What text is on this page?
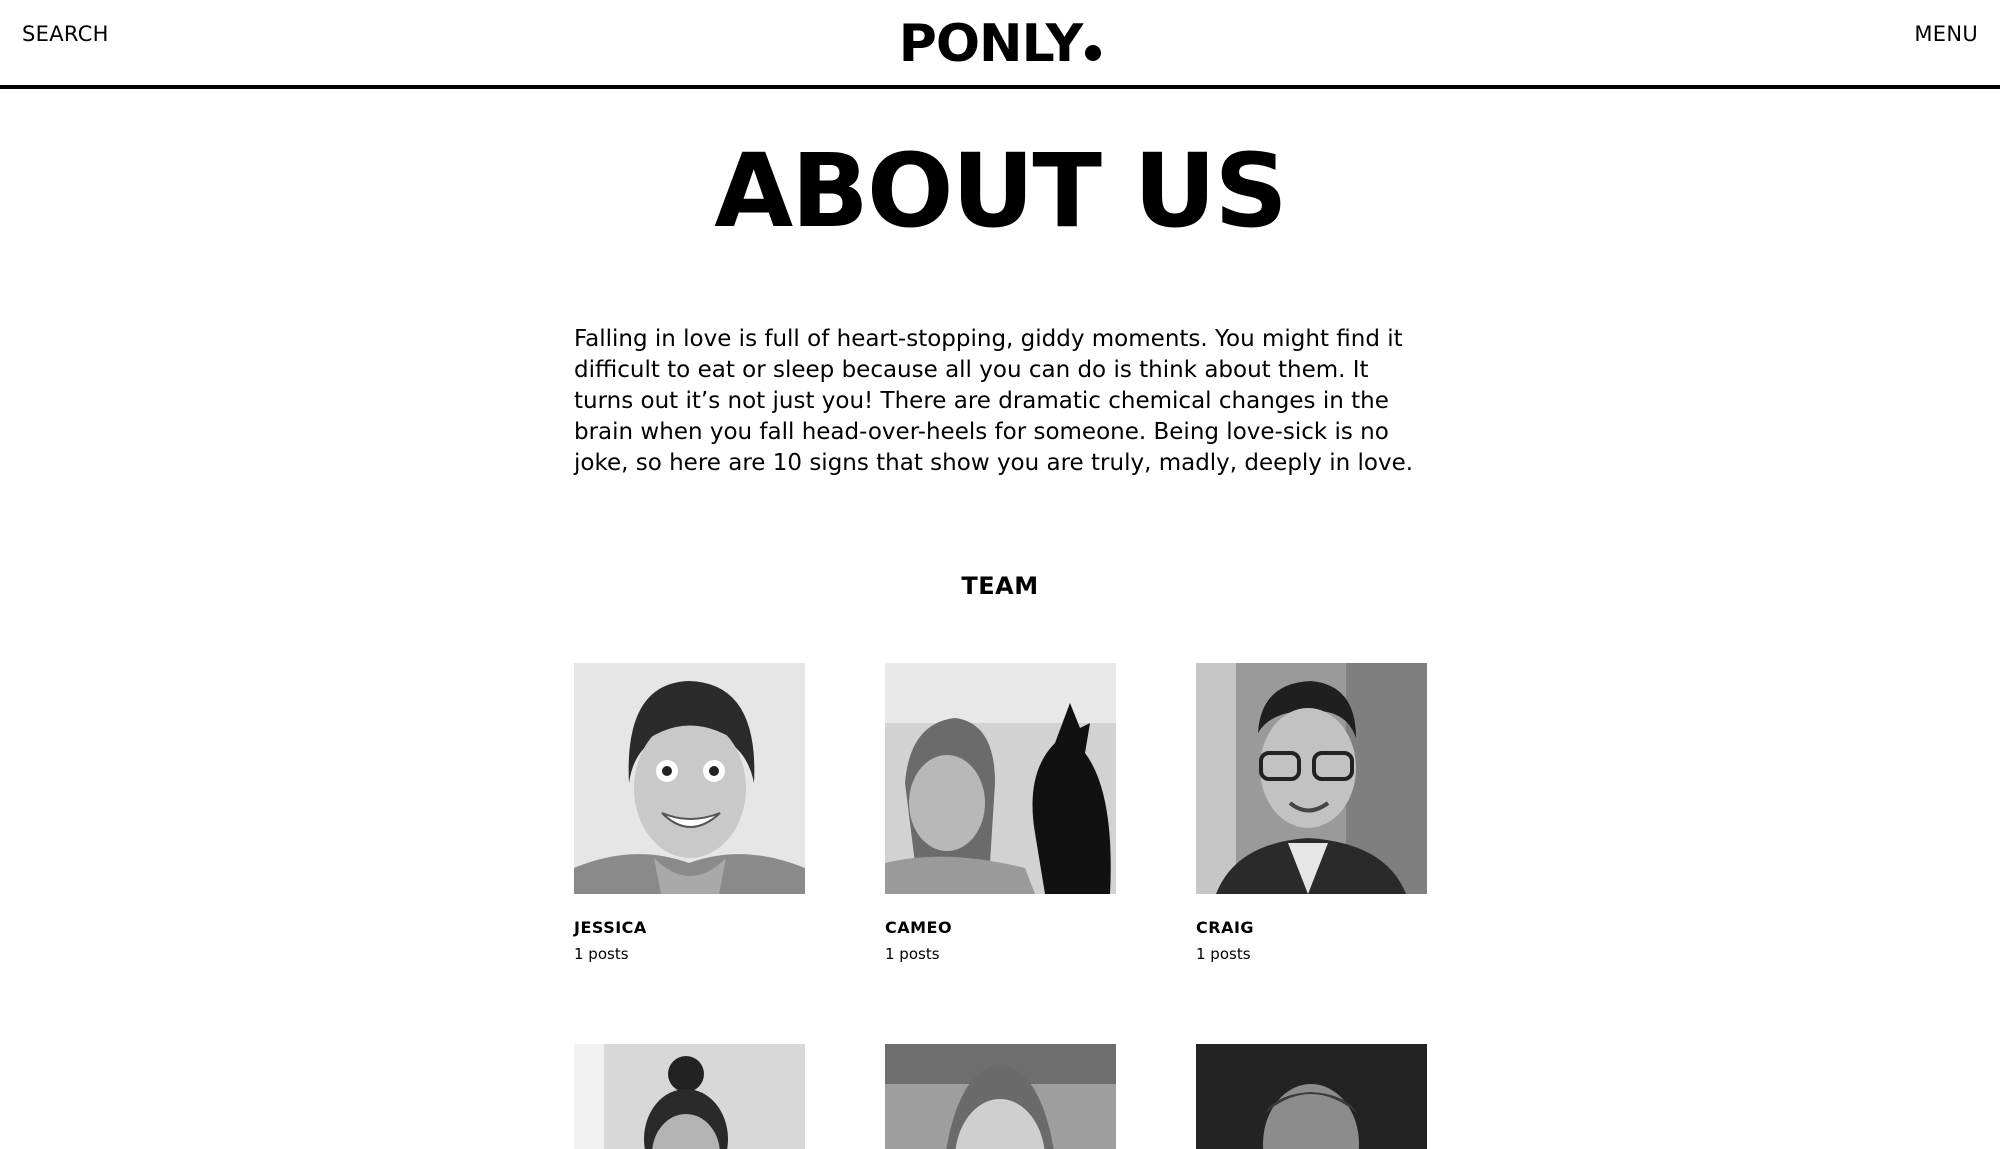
SEARCH	PONLY	MENU
ABOUT US

Falling in love is full of heart-stopping, giddy moments. You might find it difficult to eat or sleep because all you can do is think about them. It turns out it’s not just you! There are dramatic chemical changes in the brain when you fall head-over-heels for someone. Being love-sick is no joke, so here are 10 signs that show you are truly, madly, deeply in love.

TEAM
JESSICA
1 posts
CAMEO
1 posts
CRAIG
1 posts
